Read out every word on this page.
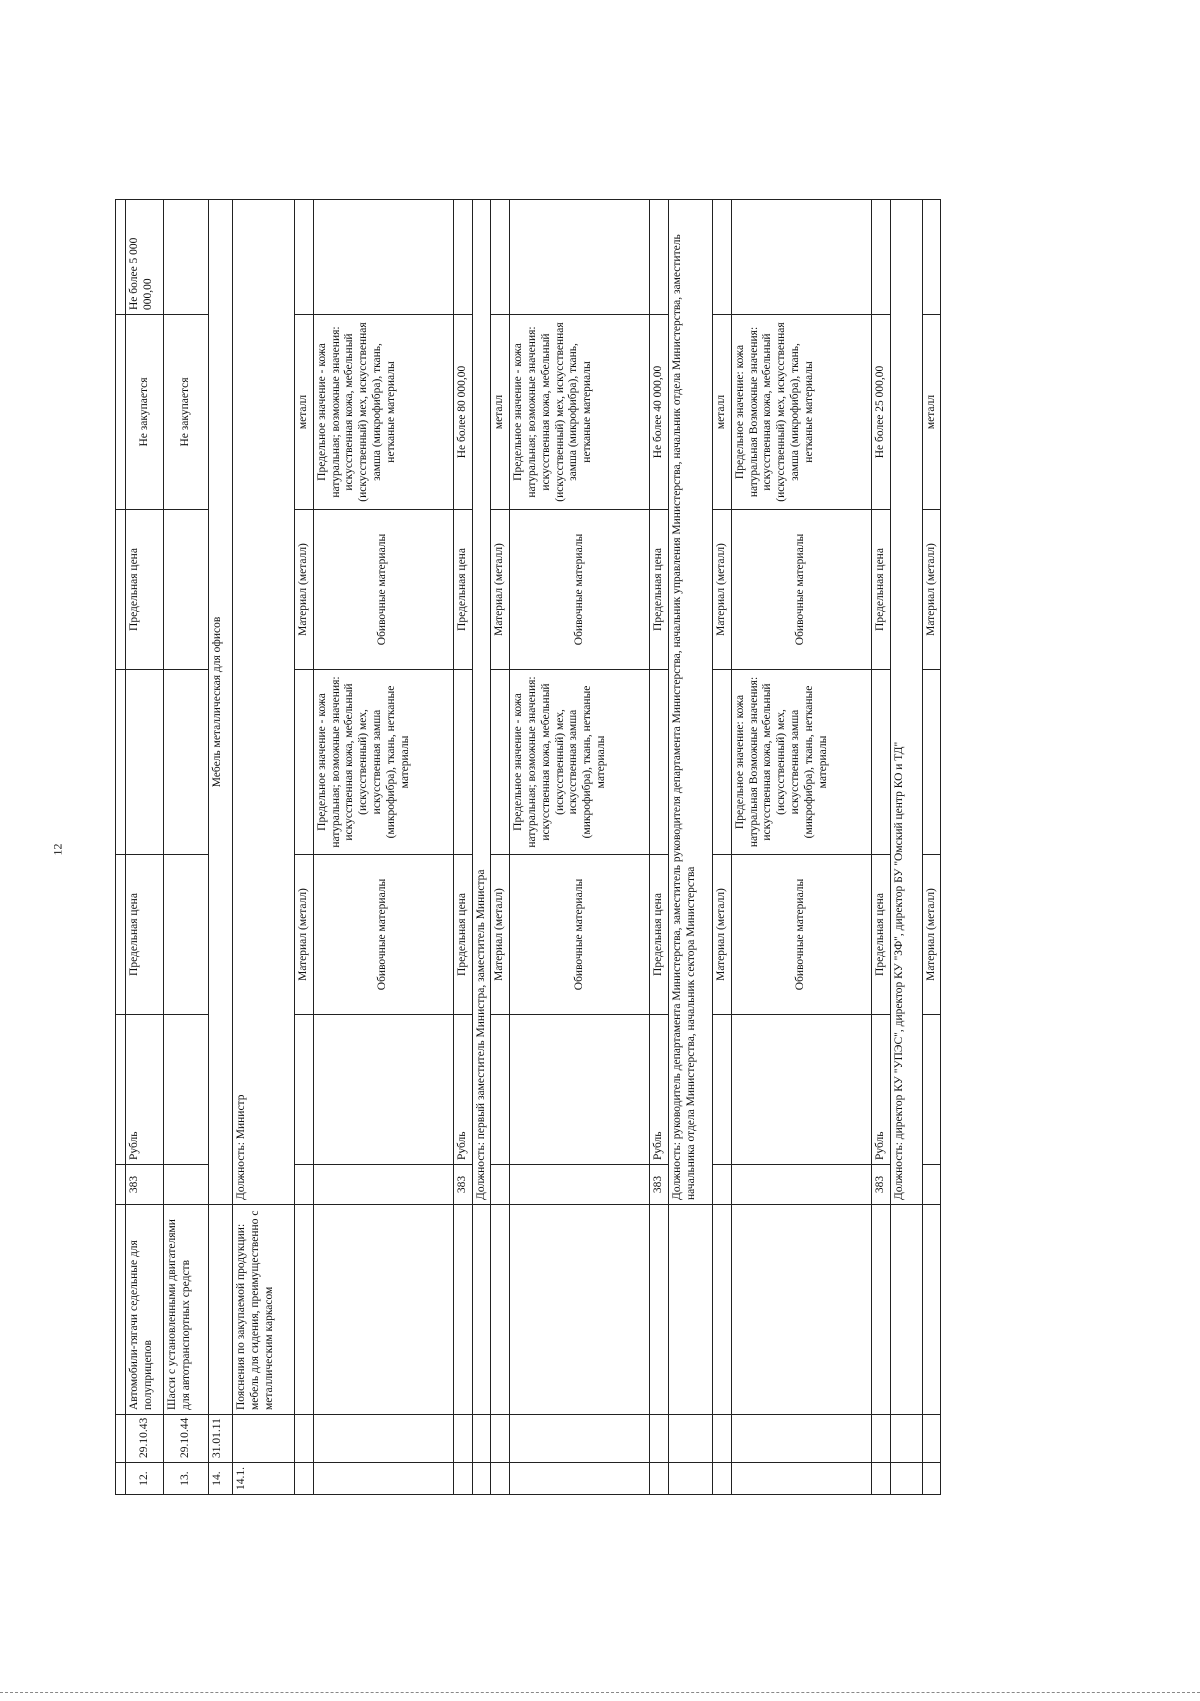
12

12.	29.10.43	Автомобили-тягачи седельные для полуприцепов	383	Рубль	Предельная цена		Предельная цена	Не закупается	Не более 5 000 000,00
13.	29.10.44	Шасси с установленными двигателями для автотранспортных средств						Не закупается	
14.	31.01.11		Мебель металлическая для офисов						
14.1.		Пояснения по закупаемой продукции: мебель для сидения, преимущественно с металлическим каркасом	Должность: Министр						
					Материал (металл)		Материал (металл)	металл	
					Обивочные материалы	Предельное значение - кожа натуральная; возможные значения: искусственная кожа, мебельный (искусственный) мех, искусственная замша (микрофибра), ткань, нетканые материалы	Обивочные материалы	Предельное значение - кожа натуральная; возможные значения: искусственная кожа, мебельный (искусственный) мех, искусственная замша (микрофибра), ткань, нетканые материалы	
			383	Рубль	Предельная цена		Предельная цена	Не более 80 000,00	
			Должность: первый заместитель Министра, заместитель Министра						
					Материал (металл)		Материал (металл)	металл	
					Обивочные материалы	Предельное значение - кожа натуральная; возможные значения: искусственная кожа, мебельный (искусственный) мех, искусственная замша (микрофибра), ткань, нетканые материалы	Обивочные материалы	Предельное значение - кожа натуральная; возможные значения: искусственная кожа, мебельный (искусственный) мех, искусственная замша (микрофибра), ткань, нетканые материалы	
			383	Рубль	Предельная цена		Предельная цена	Не более 40 000,00	
			Должность: руководитель департамента Министерства, заместитель руководителя департамента Министерства, начальник управления Министерства, начальник отдела Министерства, заместитель начальника отдела Министерства, начальник сектора Министерства						
					Материал (металл)		Материал (металл)	металл	
					Обивочные материалы	Предельное значение: кожа натуральная Возможные значения: искусственная кожа, мебельный (искусственный) мех, искусственная замша (микрофибра), ткань, нетканые материалы	Обивочные материалы	Предельное значение: кожа натуральная Возможные значения: искусственная кожа, мебельный (искусственный) мех, искусственная замша (микрофибра), ткань, нетканые материалы	
			383	Рубль	Предельная цена		Предельная цена	Не более 25 000,00	
			Должность: директор КУ "УПЭС", директор КУ "ЗФ", директор БУ "Омский центр КО и ТД"						
					Материал (металл)		Материал (металл)	металл	
